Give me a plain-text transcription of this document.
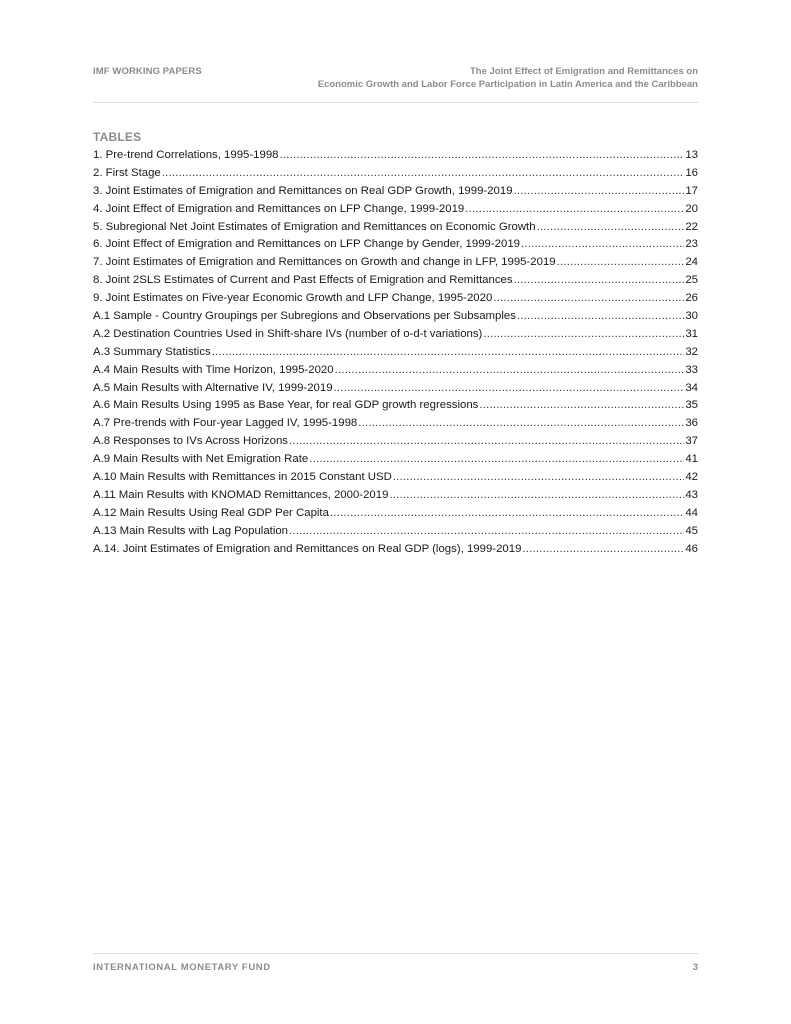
IMF WORKING PAPERS	The Joint Effect of Emigration and Remittances on
Economic Growth and Labor Force Participation in Latin America and the Caribbean
TABLES
1. Pre-trend Correlations, 1995-1998 .....	13
2. First Stage .....	16
3. Joint Estimates of Emigration and Remittances on Real GDP Growth, 1999-2019 .....	17
4. Joint Effect of Emigration and Remittances on LFP Change, 1999-2019 .....	20
5. Subregional Net Joint Estimates of Emigration and Remittances on Economic Growth .....	22
6. Joint Effect of Emigration and Remittances on LFP Change by Gender, 1999-2019 .....	23
7. Joint Estimates of Emigration and Remittances on Growth and change in LFP, 1995-2019 .....	24
8. Joint 2SLS Estimates of Current and Past Effects of Emigration and Remittances .....	25
9. Joint Estimates on Five-year Economic Growth and LFP Change, 1995-2020 .....	26
A.1 Sample - Country Groupings per Subregions and Observations per Subsamples .....	30
A.2 Destination Countries Used in Shift-share IVs (number of o-d-t variations) .....	31
A.3 Summary Statistics .....	32
A.4 Main Results with Time Horizon, 1995-2020 .....	33
A.5 Main Results with Alternative IV, 1999-2019 .....	34
A.6 Main Results Using 1995 as Base Year, for real GDP growth regressions .....	35
A.7 Pre-trends with Four-year Lagged IV, 1995-1998 .....	36
A.8 Responses to IVs Across Horizons .....	37
A.9 Main Results with Net Emigration Rate .....	41
A.10 Main Results with Remittances in 2015 Constant USD .....	42
A.11 Main Results with KNOMAD Remittances, 2000-2019 .....	43
A.12 Main Results Using Real GDP Per Capita .....	44
A.13 Main Results with Lag Population .....	45
A.14. Joint Estimates of Emigration and Remittances on Real GDP (logs), 1999-2019 .....	46
INTERNATIONAL MONETARY FUND	3
